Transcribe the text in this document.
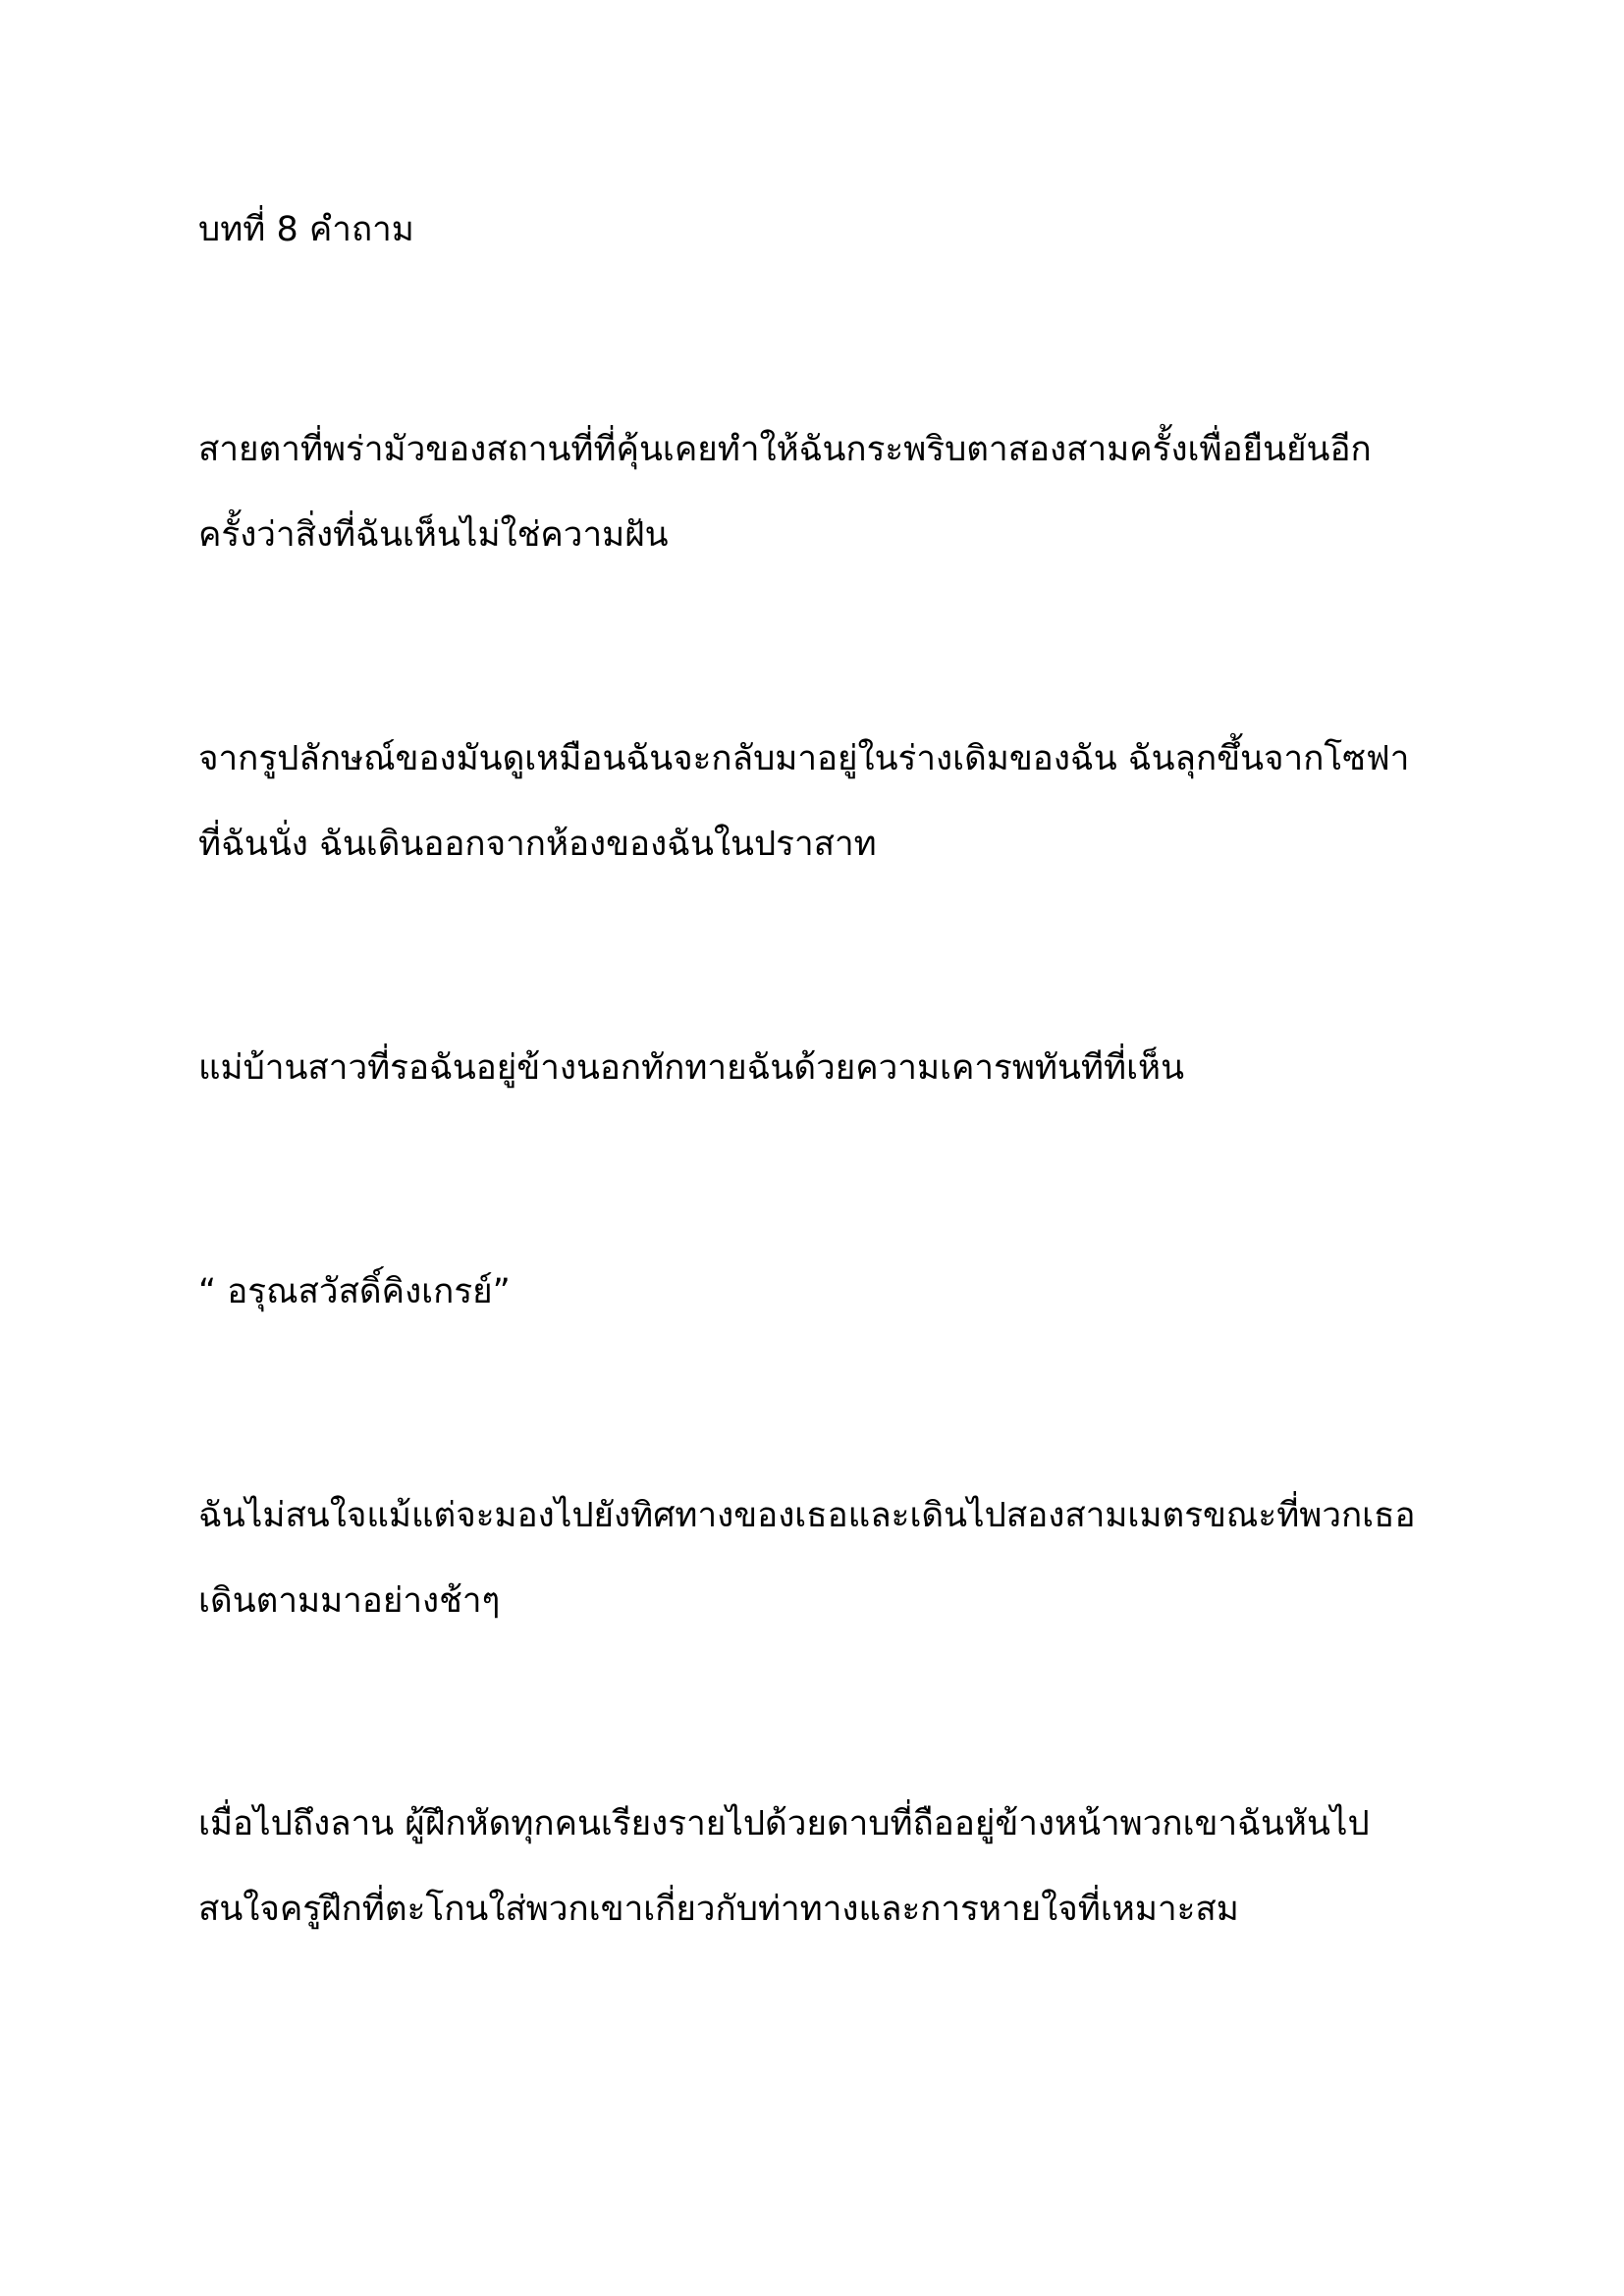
บทที่ 8 คำถาม

สายตาที่พร่ามัวของสถานที่ที่คุ้นเคยทำให้ฉันกระพริบตาสองสามครั้งเพื่อยืนยันอีก

ครั้งว่าสิ่งที่ฉันเห็นไม่ใช่ความฝัน

จากรูปลักษณ์ของมันดูเหมือนฉันจะกลับมาอยู่ในร่างเดิมของฉัน ฉันลุกขึ้นจากโซฟา

ที่ฉันนั่ง ฉันเดินออกจากห้องของฉันในปราสาท

แม่บ้านสาวที่รอฉันอยู่ข้างนอกทักทายฉันด้วยความเคารพทันทีที่เห็น

“ อรุณสวัสดิ์คิงเกรย์”

ฉันไม่สนใจแม้แต่จะมองไปยังทิศทางของเธอและเดินไปสองสามเมตรขณะที่พวกเธอ

เดินตามมาอย่างช้าๆ

เมื่อไปถึงลาน ผู้ฝึกหัดทุกคนเรียงรายไปด้วยดาบที่ถืออยู่ข้างหน้าพวกเขาฉันหันไป

สนใจครูฝึกที่ตะโกนใส่พวกเขาเกี่ยวกับท่าทางและการหายใจที่เหมาะสม
